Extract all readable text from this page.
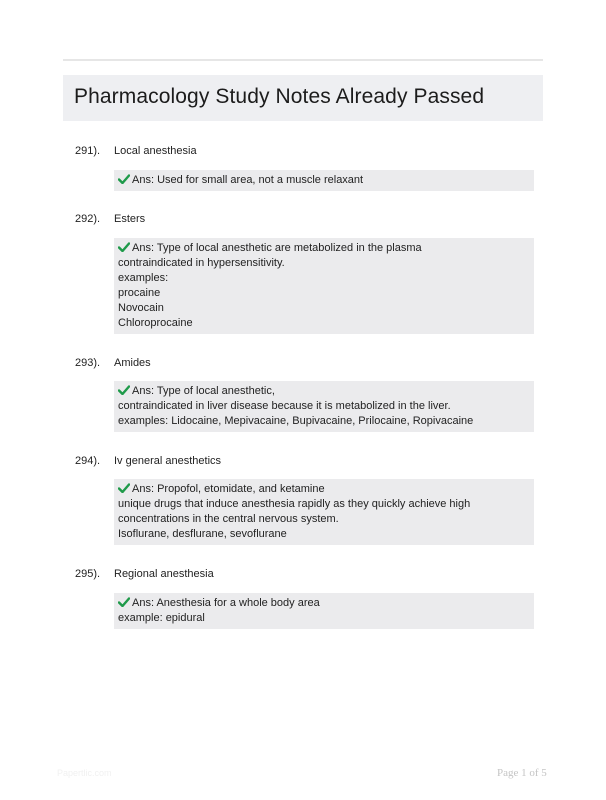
Pharmacology Study Notes Already Passed
291). Local anesthesia
Ans: Used for small area, not a muscle relaxant
292). Esters
Ans: Type of local anesthetic are metabolized in the plasma
contraindicated in hypersensitivity.
examples:
procaine
Novocain
Chloroprocaine
293). Amides
Ans: Type of local anesthetic,
contraindicated in liver disease because it is metabolized in the liver.
examples: Lidocaine, Mepivacaine, Bupivacaine, Prilocaine, Ropivacaine
294). Iv general anesthetics
Ans: Propofol, etomidate, and ketamine
unique drugs that induce anesthesia rapidly as they quickly achieve high
concentrations in the central nervous system.
Isoflurane, desflurane, sevoflurane
295). Regional anesthesia
Ans: Anesthesia for a whole body area
example: epidural
Papertlic.com	Page 1 of 5
